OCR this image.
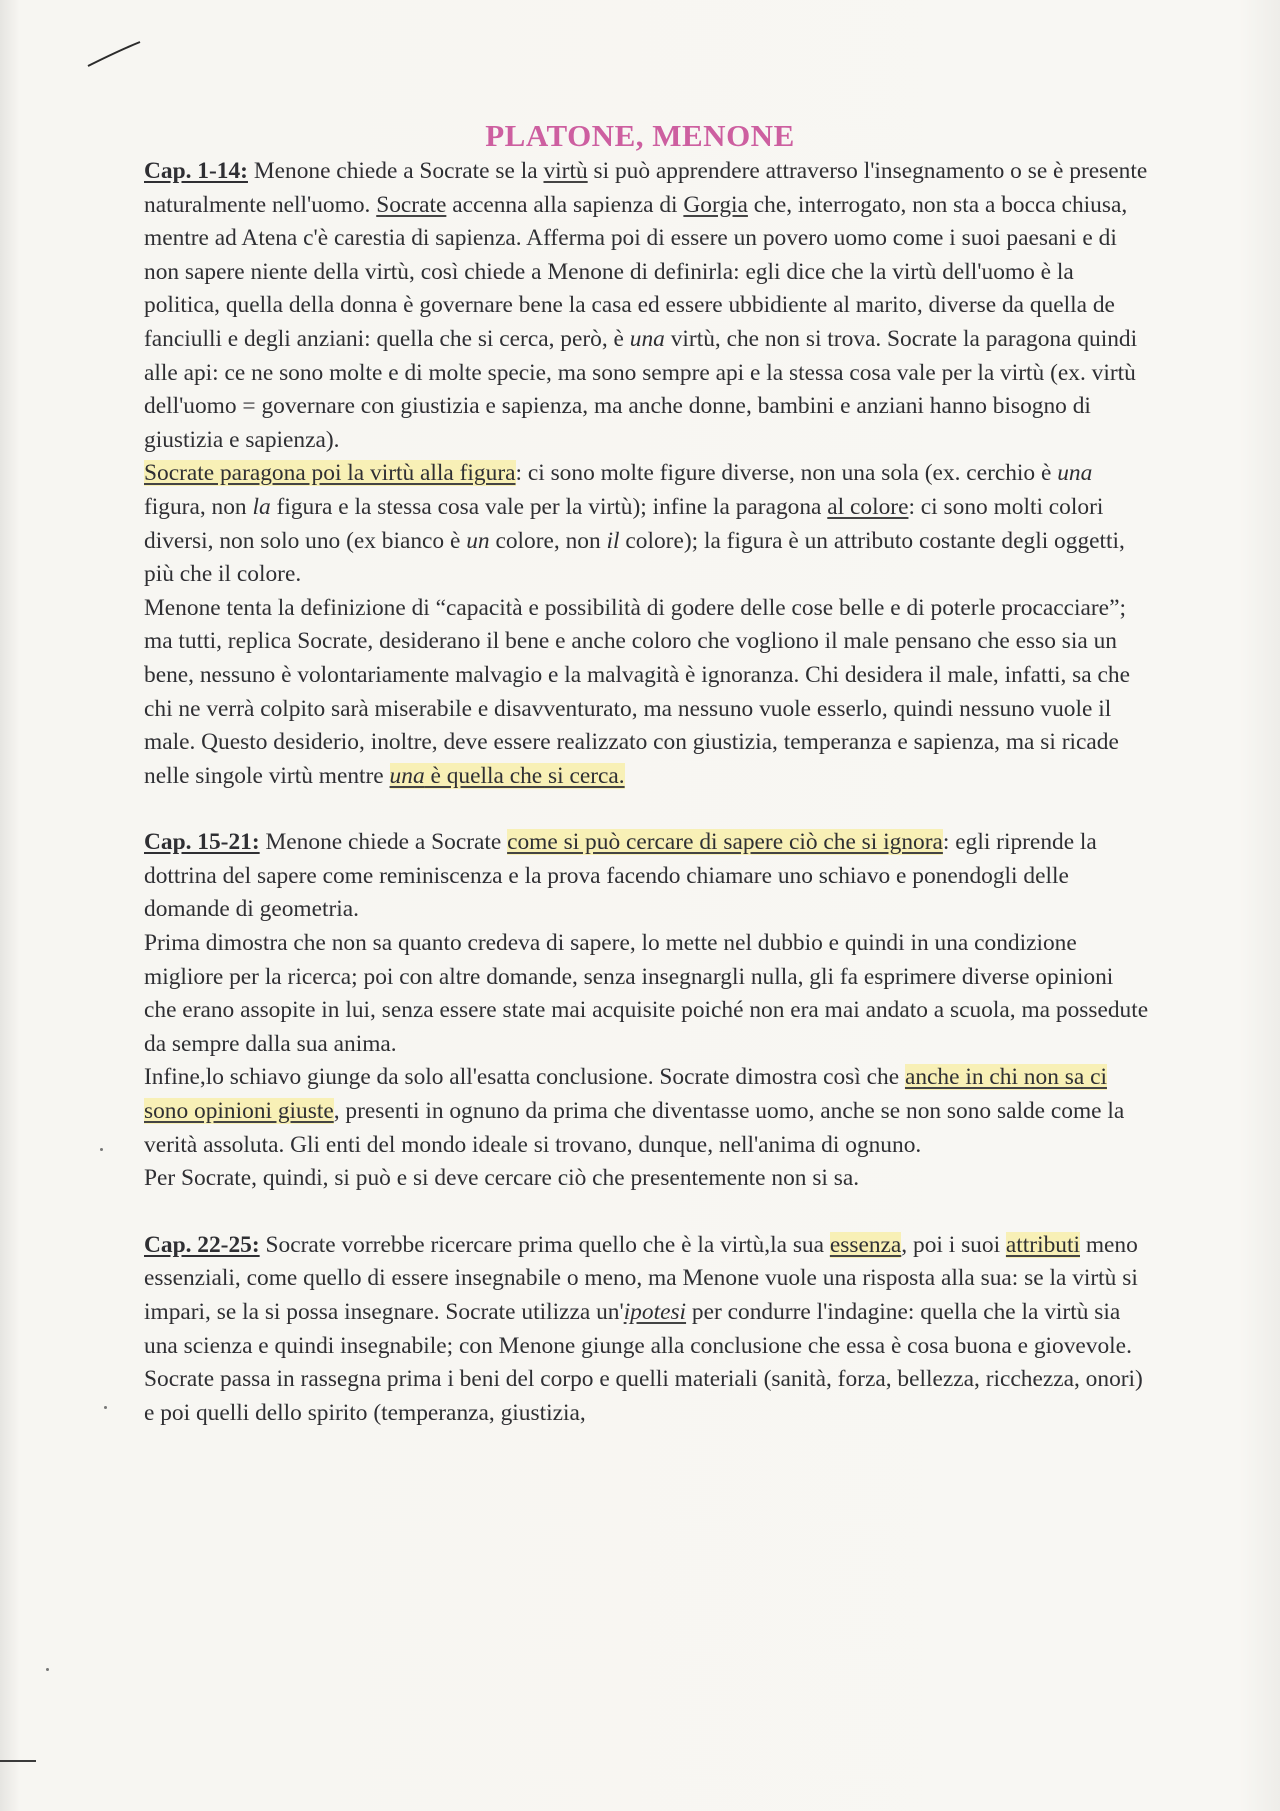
PLATONE, MENONE

Cap. 1-14: Menone chiede a Socrate se la virtù si può apprendere attraverso l'insegnamento o se è presente naturalmente nell'uomo. Socrate accenna alla sapienza di Gorgia che, interrogato, non sta a bocca chiusa, mentre ad Atena c'è carestia di sapienza. Afferma poi di essere un povero uomo come i suoi paesani e di non sapere niente della virtù, così chiede a Menone di definirla: egli dice che la virtù dell'uomo è la politica, quella della donna è governare bene la casa ed essere ubbidiente al marito, diverse da quella de fanciulli e degli anziani: quella che si cerca, però, è una virtù, che non si trova. Socrate la paragona quindi alle api: ce ne sono molte e di molte specie, ma sono sempre api e la stessa cosa vale per la virtù (ex. virtù dell'uomo = governare con giustizia e sapienza, ma anche donne, bambini e anziani hanno bisogno di giustizia e sapienza).

Socrate paragona poi la virtù alla figura: ci sono molte figure diverse, non una sola (ex. cerchio è una figura, non la figura e la stessa cosa vale per la virtù); infine la paragona al colore: ci sono molti colori diversi, non solo uno (ex bianco è un colore, non il colore); la figura è un attributo costante degli oggetti, più che il colore.

Menone tenta la definizione di “capacità e possibilità di godere delle cose belle e di poterle procacciare”; ma tutti, replica Socrate, desiderano il bene e anche coloro che vogliono il male pensano che esso sia un bene, nessuno è volontariamente malvagio e la malvagità è ignoranza. Chi desidera il male, infatti, sa che chi ne verrà colpito sarà miserabile e disavventurato, ma nessuno vuole esserlo, quindi nessuno vuole il male. Questo desiderio, inoltre, deve essere realizzato con giustizia, temperanza e sapienza, ma si ricade nelle singole virtù mentre una è quella che si cerca.

Cap. 15-21: Menone chiede a Socrate come si può cercare di sapere ciò che si ignora: egli riprende la dottrina del sapere come reminiscenza e la prova facendo chiamare uno schiavo e ponendogli delle domande di geometria.

Prima dimostra che non sa quanto credeva di sapere, lo mette nel dubbio e quindi in una condizione migliore per la ricerca; poi con altre domande, senza insegnargli nulla, gli fa esprimere diverse opinioni che erano assopite in lui, senza essere state mai acquisite poiché non era mai andato a scuola, ma possedute da sempre dalla sua anima.

Infine,lo schiavo giunge da solo all'esatta conclusione. Socrate dimostra così che anche in chi non sa ci sono opinioni giuste, presenti in ognuno da prima che diventasse uomo, anche se non sono salde come la verità assoluta. Gli enti del mondo ideale si trovano, dunque, nell'anima di ognuno.

Per Socrate, quindi, si può e si deve cercare ciò che presentemente non si sa.

Cap. 22-25: Socrate vorrebbe ricercare prima quello che è la virtù,la sua essenza, poi i suoi attributi meno essenziali, come quello di essere insegnabile o meno, ma Menone vuole una risposta alla sua: se la virtù si impari, se la si possa insegnare. Socrate utilizza un'ipotesi per condurre l'indagine: quella che la virtù sia una scienza e quindi insegnabile; con Menone giunge alla conclusione che essa è cosa buona e giovevole. Socrate passa in rassegna prima i beni del corpo e quelli materiali (sanità, forza, bellezza, ricchezza, onori) e poi quelli dello spirito (temperanza, giustizia,
